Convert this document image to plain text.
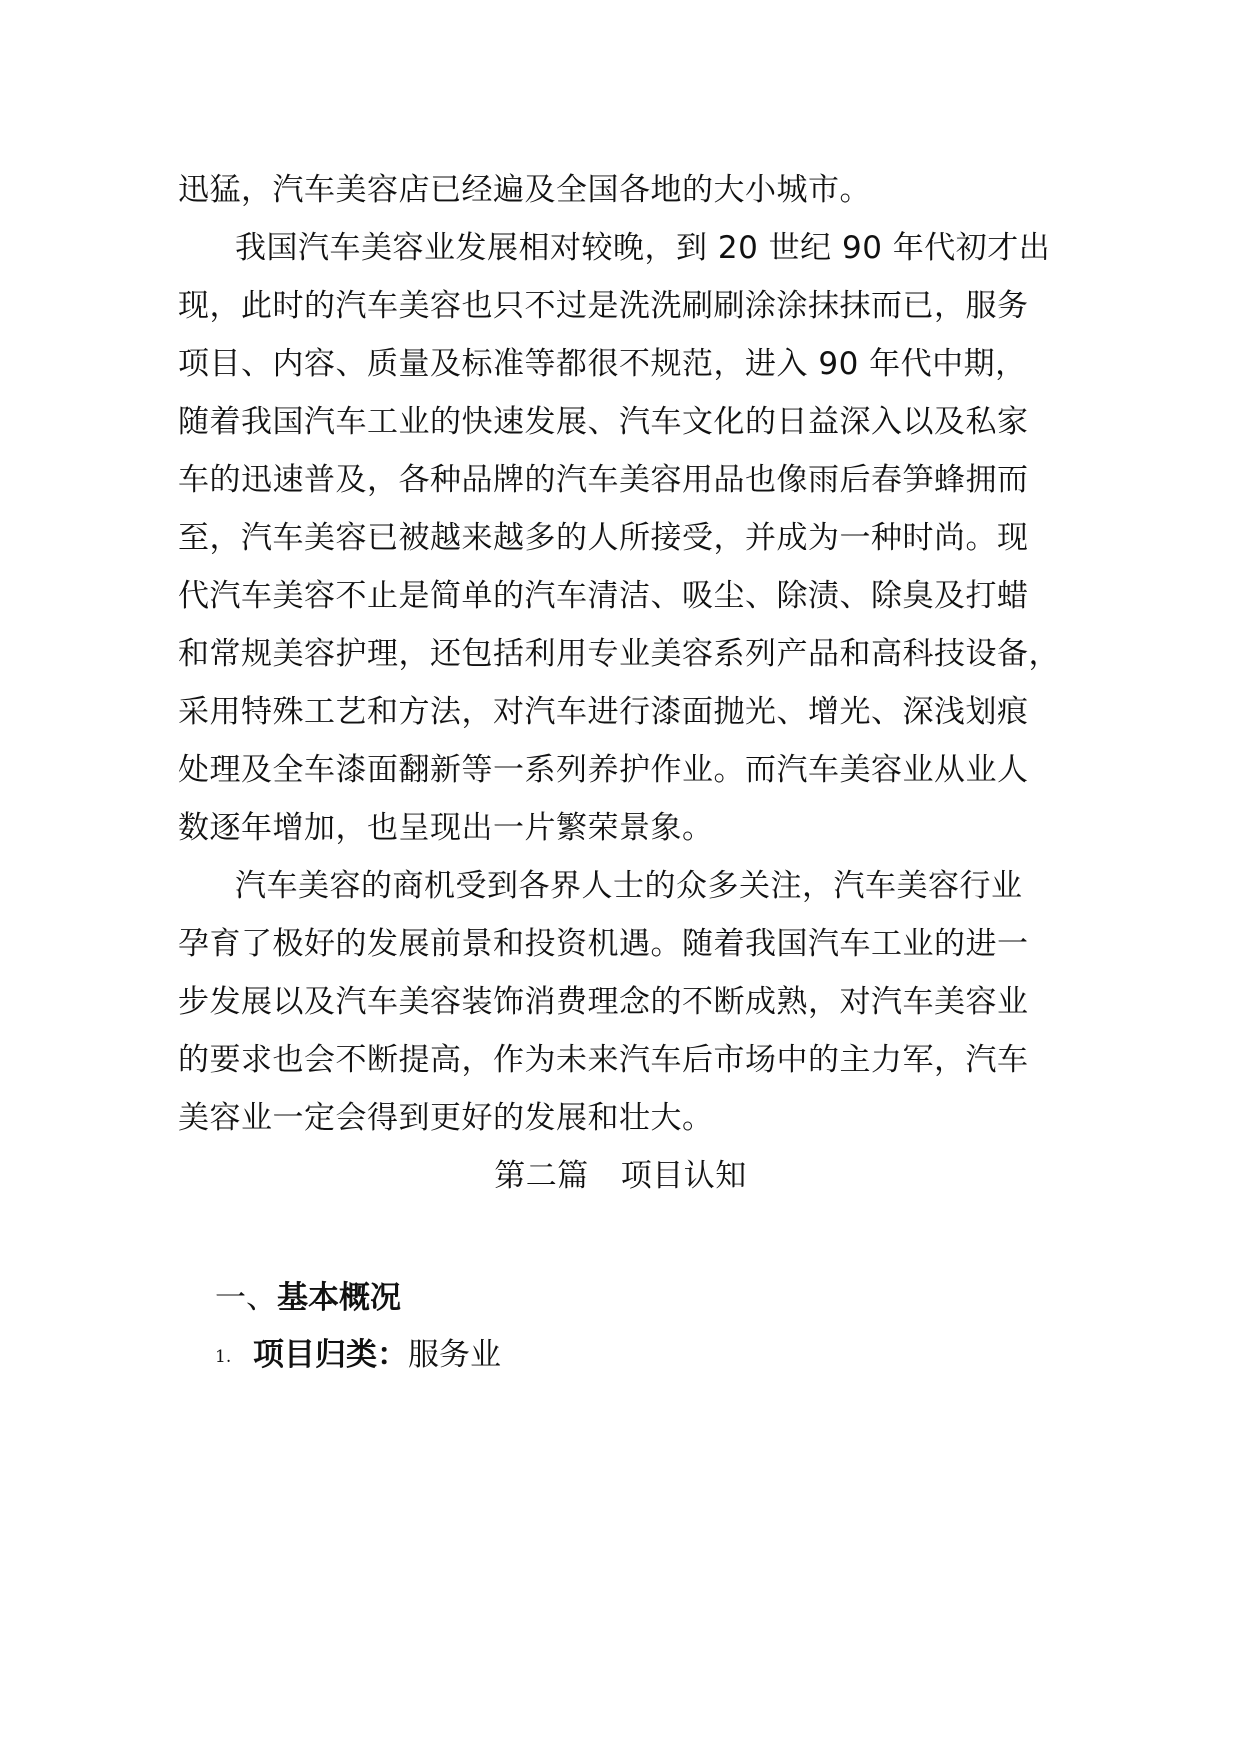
迅猛，汽车美容店已经遍及全国各地的大小城市。
我国汽车美容业发展相对较晚，到 20 世纪 90 年代初才出
现，此时的汽车美容也只不过是洗洗刷刷涂涂抹抹而已，服务
项目、内容、质量及标准等都很不规范，进入 90 年代中期，
随着我国汽车工业的快速发展、汽车文化的日益深入以及私家
车的迅速普及，各种品牌的汽车美容用品也像雨后春笋蜂拥而
至，汽车美容已被越来越多的人所接受，并成为一种时尚。现
代汽车美容不止是简单的汽车清洁、吸尘、除渍、除臭及打蜡
和常规美容护理，还包括利用专业美容系列产品和高科技设备，
采用特殊工艺和方法，对汽车进行漆面抛光、增光、深浅划痕
处理及全车漆面翻新等一系列养护作业。而汽车美容业从业人
数逐年增加，也呈现出一片繁荣景象。
汽车美容的商机受到各界人士的众多关注，汽车美容行业
孕育了极好的发展前景和投资机遇。随着我国汽车工业的进一
步发展以及汽车美容装饰消费理念的不断成熟，对汽车美容业
的要求也会不断提高，作为未来汽车后市场中的主力军，汽车
美容业一定会得到更好的发展和壮大。
第二篇 项目认知
一、基本概况
1. 项目归类：服务业
